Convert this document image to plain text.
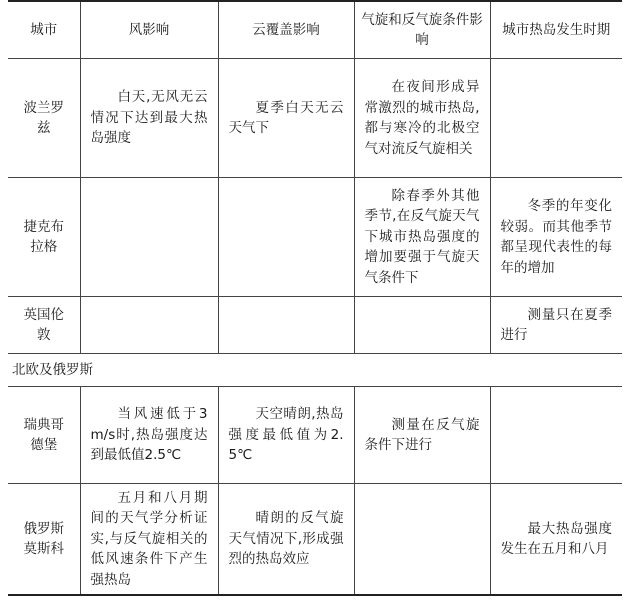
城市	风影响	云覆盖影响	气旋和反气旋条件影响	城市热岛发生时期
波兰罗兹	白天,无风无云情况下达到最大热岛强度	夏季白天无云天气下	在夜间形成异常激烈的城市热岛,都与寒冷的北极空气对流反气旋相关	
捷克布拉格			除春季外其他季节,在反气旋天气下城市热岛强度的增加要强于气旋天气条件下	冬季的年变化较弱。而其他季节都呈现代表性的每年的增加
英国伦敦				测量只在夏季进行
北欧及俄罗斯				
瑞典哥德堡	当风速低于3 m/s时,热岛强度达到最低值2.5℃	天空晴朗,热岛强度最低值为2.5℃	测量在反气旋条件下进行	
俄罗斯莫斯科	五月和八月期间的天气学分析证实,与反气旋相关的低风速条件下产生强热岛	晴朗的反气旋天气情况下,形成强烈的热岛效应		最大热岛强度发生在五月和八月
